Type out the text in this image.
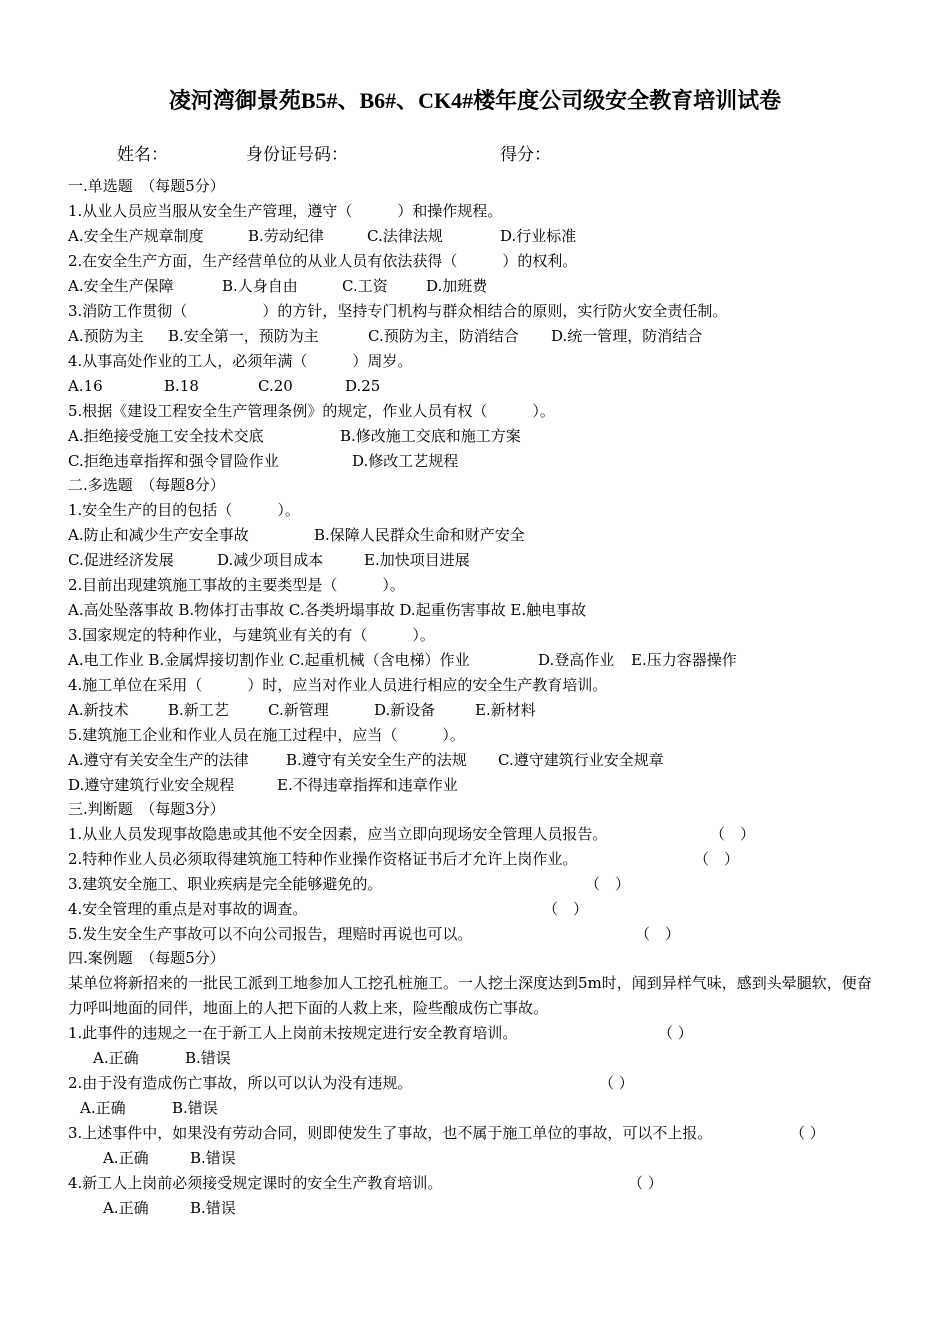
凌河湾御景苑B5#、B6#、CK4#楼年度公司级安全教育培训试卷
姓名：	身份证号码：	得分：
一.单选题　（每题5分）
1.从业人员应当服从安全生产管理，遵守（　　　）和操作规程。
A.安全生产规章制度	B.劳动纪律	C.法律法规	D.行业标准
2.在安全生产方面，生产经营单位的从业人员有依法获得（　　　）的权利。
A.安全生产保障	B.人身自由	C.工资	D.加班费
3.消防工作贯彻（　　　　　）的方针，坚持专门机构与群众相结合的原则，实行防火安全责任制。
A.预防为主 B.安全第一，预防为主	C.预防为主，防消结合 D.统一管理，防消结合
4.从事高处作业的工人，必须年满（　　　）周岁。
A.16	B.18	C.20	D.25
5.根据《建设工程安全生产管理条例》的规定，作业人员有权（　　　）。
A.拒绝接受施工安全技术交底	B.修改施工交底和施工方案
C.拒绝违章指挥和强令冒险作业	D.修改工艺规程
二.多选题　（每题8分）
1.安全生产的目的包括（　　　）。
A.防止和减少生产安全事故	B.保障人民群众生命和财产安全
C.促进经济发展	D.减少项目成本	E.加快项目进展
2.目前出现建筑施工事故的主要类型是（　　　）。
A.高处坠落事故 B.物体打击事故 C.各类坍塌事故 D.起重伤害事故 E.触电事故
3.国家规定的特种作业，与建筑业有关的有（　　　）。
A.电工作业 B.金属焊接切割作业 C.起重机械（含电梯）作业	D.登高作业 E.压力容器操作
4.施工单位在采用（　　　）时，应当对作业人员进行相应的安全生产教育培训。
A.新技术	B.新工艺	C.新管理	D.新设备	E.新材料
5.建筑施工企业和作业人员在施工过程中，应当（　　　）。
A.遵守有关安全生产的法律 B.遵守有关安全生产的法规 C.遵守建筑行业安全规章
D.遵守建筑行业安全规程	E.不得违章指挥和违章作业
三.判断题　（每题3分）
1.从业人员发现事故隐患或其他不安全因素，应当立即向现场安全管理人员报告。	（　）
2.特种作业人员必须取得建筑施工特种作业操作资格证书后才允许上岗作业。	（　）
3.建筑安全施工、职业疾病是完全能够避免的。	（　）
4.安全管理的重点是对事故的调查。	（　）
5.发生安全生产事故可以不向公司报告，理赔时再说也可以。	（　）
四.案例题　（每题5分）
某单位将新招来的一批民工派到工地参加人工挖孔桩施工。一人挖土深度达到5m时，闻到异样气味，感到头晕腿软，便奋力呼叫地面的同伴，地面上的人把下面的人救上来，险些酿成伤亡事故。
1.此事件的违规之一在于新工人上岗前未按规定进行安全教育培训。	（ ）
A.正确	B.错误
2.由于没有造成伤亡事故，所以可以认为没有违规。	（ ）
A.正确	B.错误
3.上述事件中，如果没有劳动合同，则即使发生了事故，也不属于施工单位的事故，可以不上报。	（ ）
A.正确	B.错误
4.新工人上岗前必须接受规定课时的安全生产教育培训。	（ ）
A.正确	B.错误
